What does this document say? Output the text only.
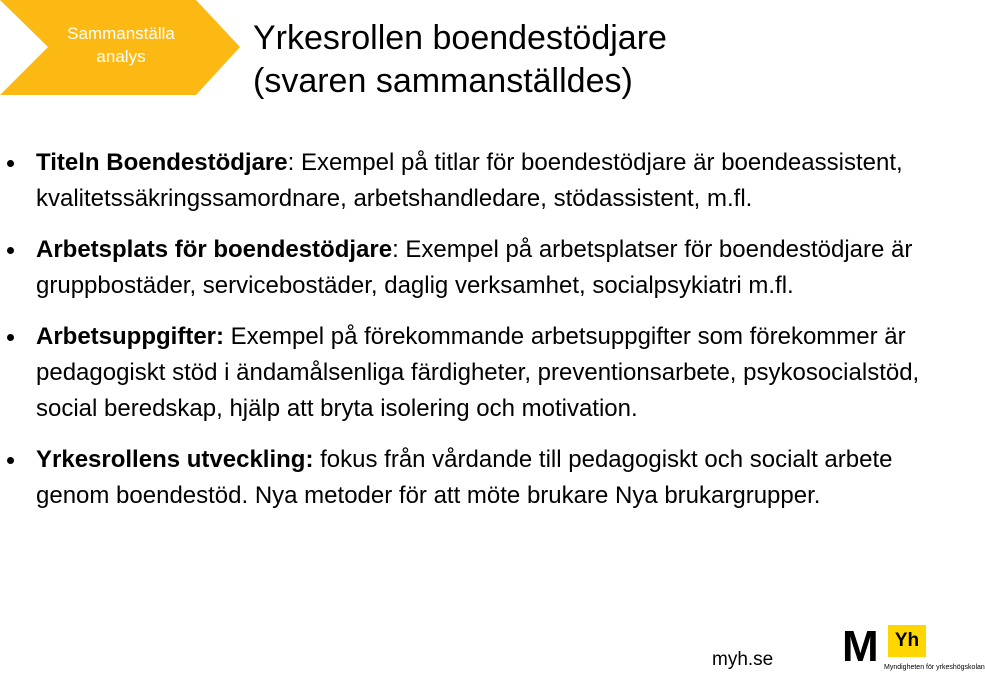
Sammanställa analys	Yrkesrollen boendestödjare
(svaren sammanställdes)
Titeln Boendestödjare: Exempel på titlar för boendestödjare är boendeassistent, kvalitetssäkringssamordnare, arbetshandledare, stödassistent, m.fl.
Arbetsplats för boendestödjare: Exempel på arbetsplatser för boendestödjare är gruppbostäder, servicebostäder, daglig verksamhet, socialpsykiatri m.fl.
Arbetsuppgifter: Exempel på förekommande arbetsuppgifter som förekommer är pedagogiskt stöd i ändamålsenliga färdigheter, preventionsarbete, psykosocialstöd, social beredskap, hjälp att bryta isolering och motivation.
Yrkesrollens utveckling: fokus från vårdande till pedagogiskt och socialt arbete genom boendestöd. Nya metoder för att möte brukare Nya brukargrupper.
myh.se M Yh
Myndigheten för yrkeshögskolan
